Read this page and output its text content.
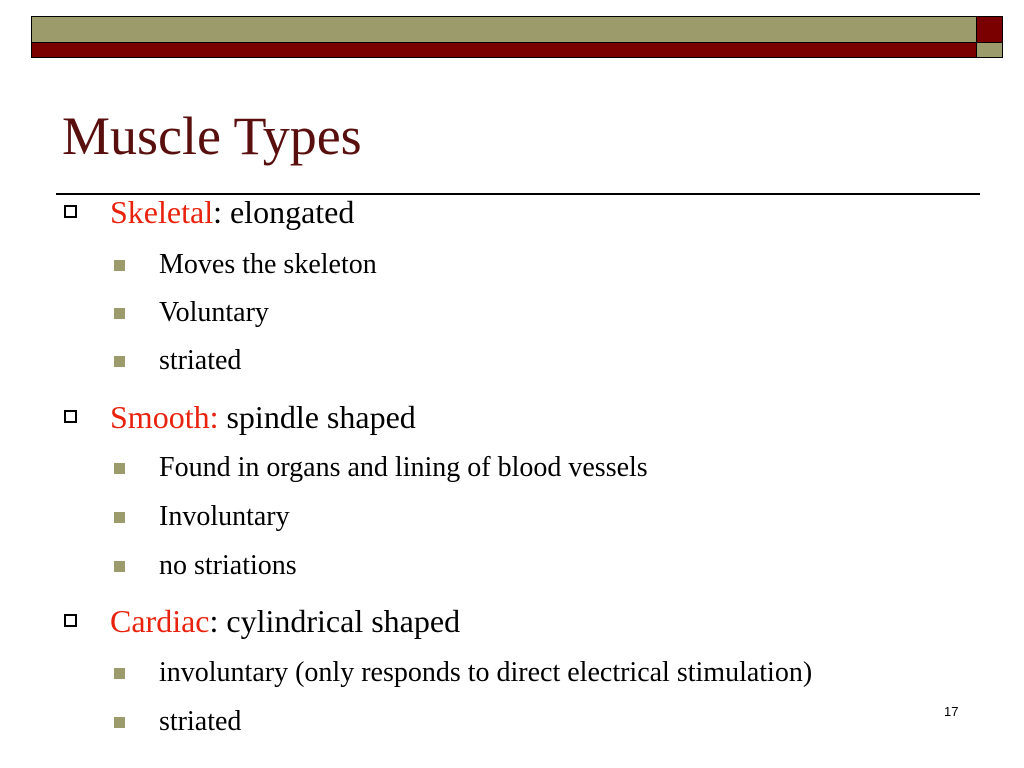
Muscle Types
Skeletal: elongated
Moves the skeleton
Voluntary
striated
Smooth: spindle shaped
Found in organs and lining of blood vessels
Involuntary
no striations
Cardiac: cylindrical shaped
involuntary (only responds to direct electrical stimulation)
striated	17
